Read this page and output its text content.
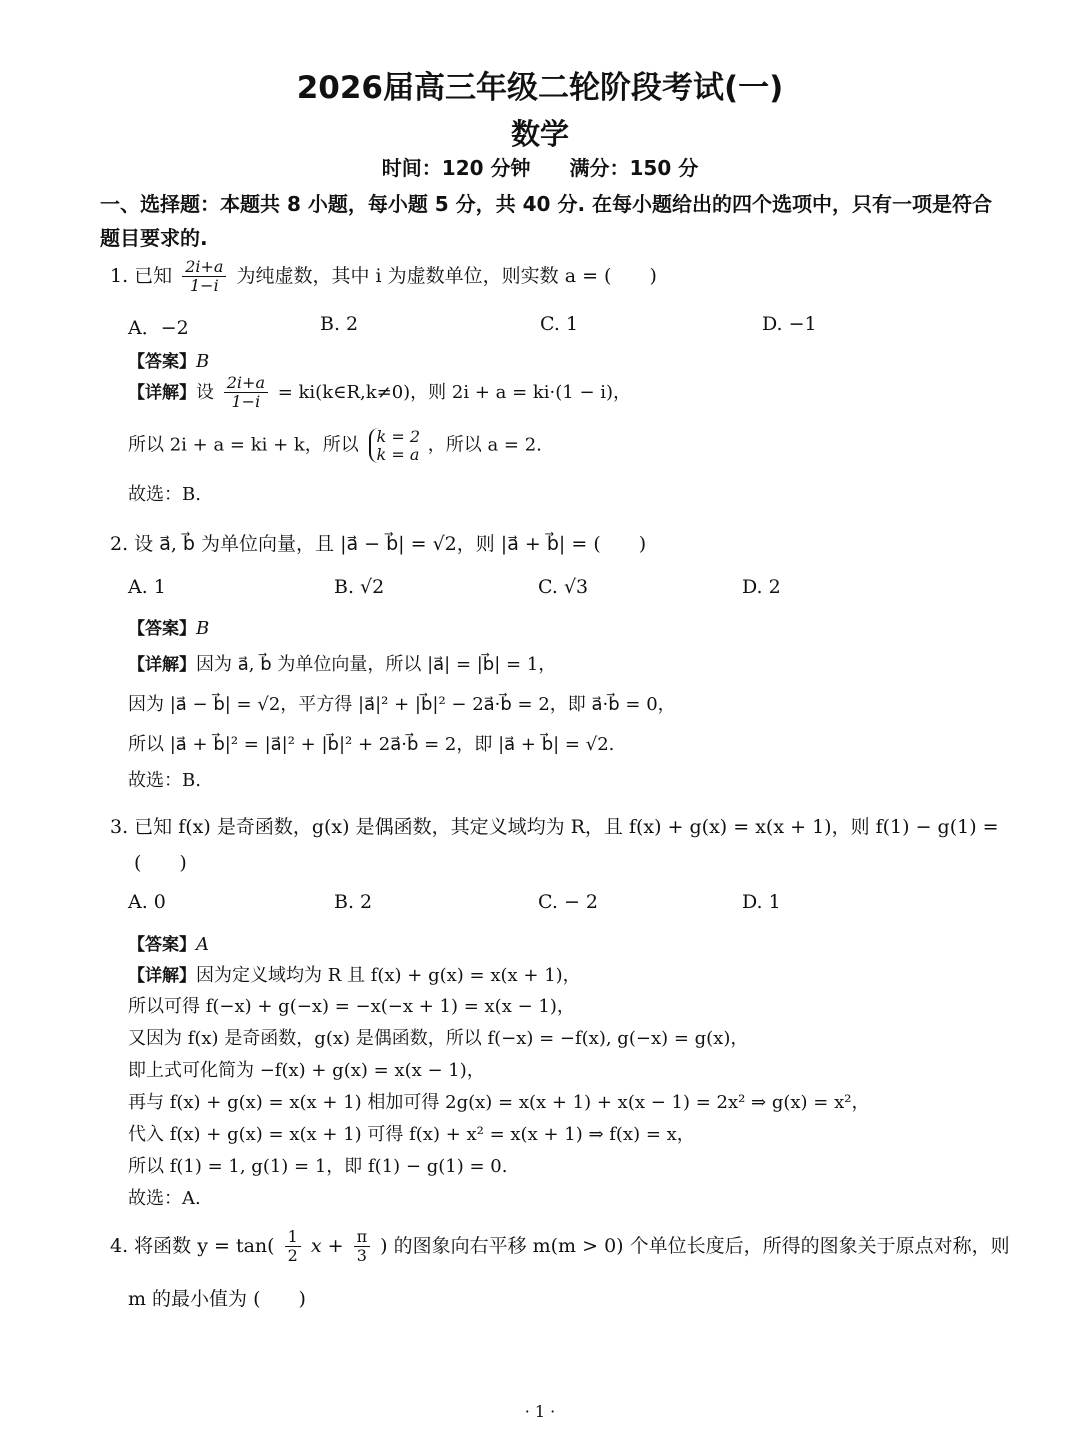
2026届高三年级二轮阶段考试(一)
数学
时间：120 分钟 满分：150 分
一、选择题：本题共 8 小题，每小题 5 分，共 40 分. 在每小题给出的四个选项中，只有一项是符合
题目要求的.
1. 已知 $\frac{2i+a}{1-i}$ 为纯虚数，其中 i 为虚数单位，则实数 a = (　　)
A．−2	B. 2	C. 1	D. −1
【答案】B
【详解】设 $\frac{2i+a}{1-i}$ = ki(k∈R,k≠0)，则 2i + a = ki·(1 − i)，
所以 2i + a = ki + k，所以 k = 2
k = a ，所以 a = 2.
故选：B.
2. 设 a⃗, b⃗ 为单位向量，且 |a⃗ − b⃗| = √2，则 |a⃗ + b⃗| = (　　)
A. 1	B. √2	C. √3	D. 2
【答案】B
【详解】因为 a⃗, b⃗ 为单位向量，所以 |a⃗| = |b⃗| = 1，
因为 |a⃗ − b⃗| = √2，平方得 |a⃗|² + |b⃗|² − 2a⃗·b⃗ = 2，即 a⃗·b⃗ = 0，
所以 |a⃗ + b⃗|² = |a⃗|² + |b⃗|² + 2a⃗·b⃗ = 2，即 |a⃗ + b⃗| = √2.
故选：B.
3. 已知 f(x) 是奇函数，g(x) 是偶函数，其定义域均为 R，且 f(x) + g(x) = x(x + 1)，则 f(1) − g(1) =
(　　)
A. 0	B. 2	C. − 2	D. 1
【答案】A
【详解】因为定义域均为 R 且 f(x) + g(x) = x(x + 1)，
所以可得 f(−x) + g(−x) = −x(−x + 1) = x(x − 1)，
又因为 f(x) 是奇函数，g(x) 是偶函数，所以 f(−x) = −f(x), g(−x) = g(x)，
即上式可化简为 −f(x) + g(x) = x(x − 1)，
再与 f(x) + g(x) = x(x + 1) 相加可得 2g(x) = x(x + 1) + x(x − 1) = 2x² ⇒ g(x) = x²，
代入 f(x) + g(x) = x(x + 1) 可得 f(x) + x² = x(x + 1) ⇒ f(x) = x，
所以 f(1) = 1, g(1) = 1，即 f(1) − g(1) = 0.
故选：A.
4. 将函数 $y = \tan( \frac{1}{2}$ $x + \frac{\pi}{3}$ ) 的图象向右平移 m(m > 0) 个单位长度后，所得的图象关于原点对称，则
m 的最小值为 (　　)
· 1 ·
